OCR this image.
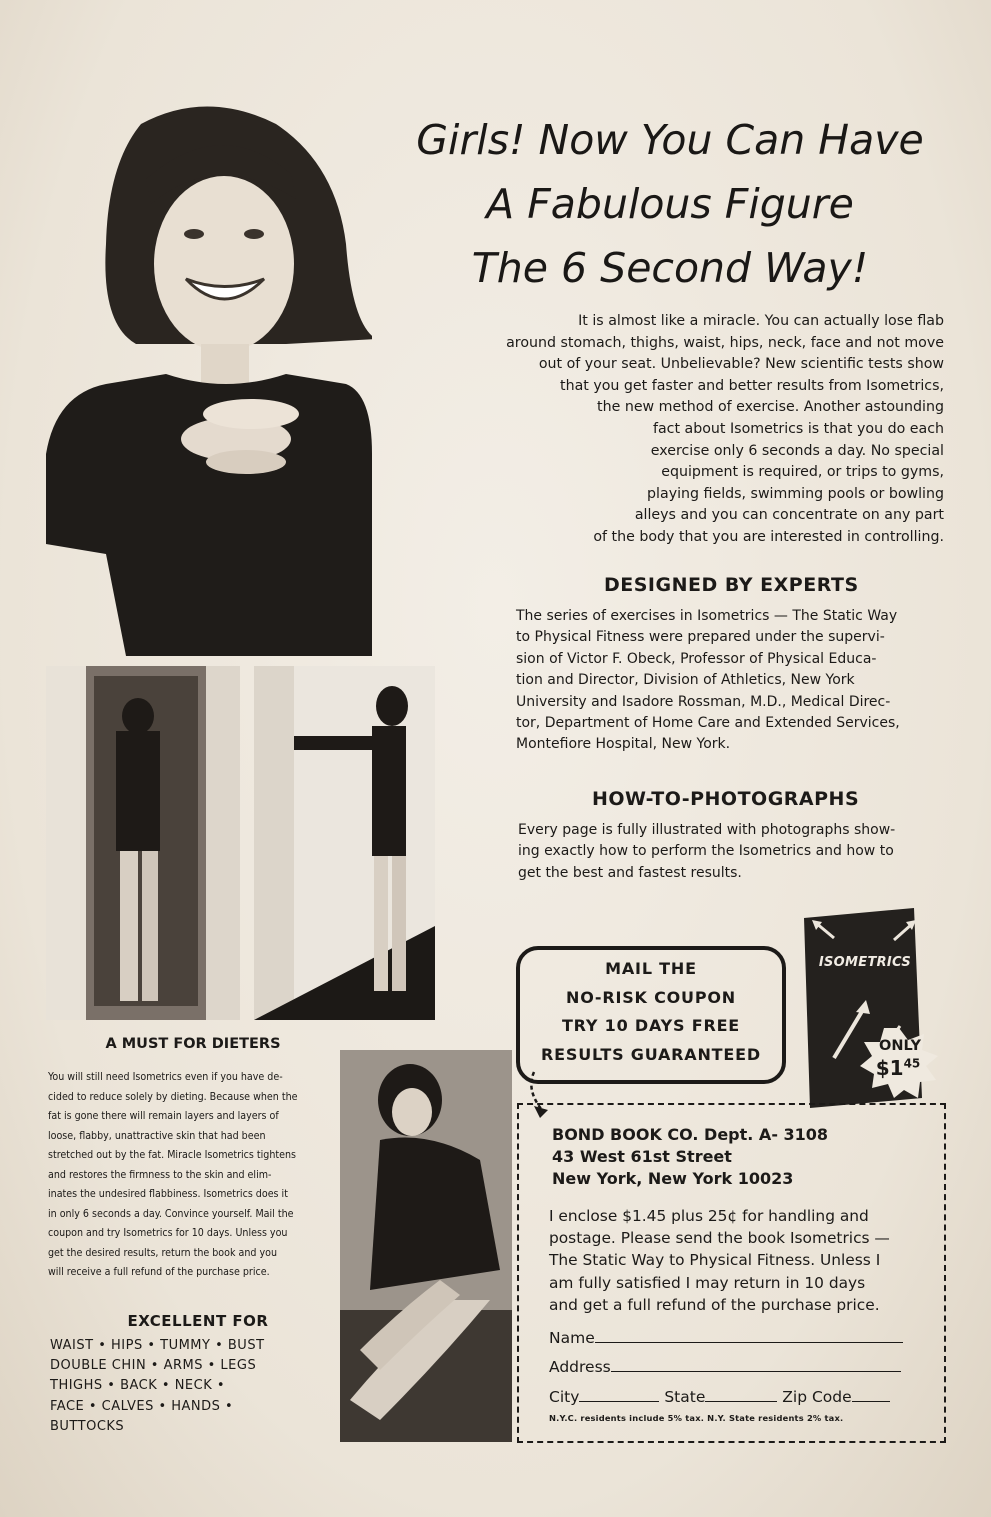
Girls! Now You Can Have
A Fabulous Figure
The 6 Second Way!
It is almost like a miracle. You can actually lose flab
around stomach, thighs, waist, hips, neck, face and not move
out of your seat. Unbelievable? New scientific tests show
that you get faster and better results from Isometrics,
the new method of exercise. Another astounding
fact about Isometrics is that you do each
exercise only 6 seconds a day. No special
equipment is required, or trips to gyms,
playing fields, swimming pools or bowling
alleys and you can concentrate on any part
of the body that you are interested in controlling.
DESIGNED BY EXPERTS
The series of exercises in Isometrics — The Static Way
to Physical Fitness were prepared under the supervi-
sion of Victor F. Obeck, Professor of Physical Educa-
tion and Director, Division of Athletics, New York
University and Isadore Rossman, M.D., Medical Direc-
tor, Department of Home Care and Extended Services,
Montefiore Hospital, New York.
HOW-TO-PHOTOGRAPHS
Every page is fully illustrated with photographs show-
ing exactly how to perform the Isometrics and how to
get the best and fastest results.
A MUST FOR DIETERS
You will still need Isometrics even if you have de-
cided to reduce solely by dieting. Because when the
fat is gone there will remain layers and layers of
loose, flabby, unattractive skin that had been
stretched out by the fat. Miracle Isometrics tightens
and restores the firmness to the skin and elim-
inates the undesired flabbiness. Isometrics does it
in only 6 seconds a day. Convince yourself. Mail the
coupon and try Isometrics for 10 days. Unless you
get the desired results, return the book and you
will receive a full refund of the purchase price.
EXCELLENT FOR
WAIST • HIPS • TUMMY • BUST
DOUBLE CHIN • ARMS • LEGS
THIGHS • BACK • NECK •
FACE • CALVES • HANDS •
BUTTOCKS
MAIL THE
NO-RISK COUPON
TRY 10 DAYS FREE
RESULTS GUARANTEED
ISOMETRICS
ONLY
$\$1^{45}$
BOND BOOK CO. Dept. A- 3108
43 West 61st Street
New York, New York 10023
I enclose $1.45 plus 25¢ for handling and
postage. Please send the book Isometrics —
The Static Way to Physical Fitness. Unless I
am fully satisfied I may return in 10 days
and get a full refund of the purchase price.
Name
Address
City	State	Zip Code
N.Y.C. residents include 5% tax. N.Y. State residents 2% tax.
